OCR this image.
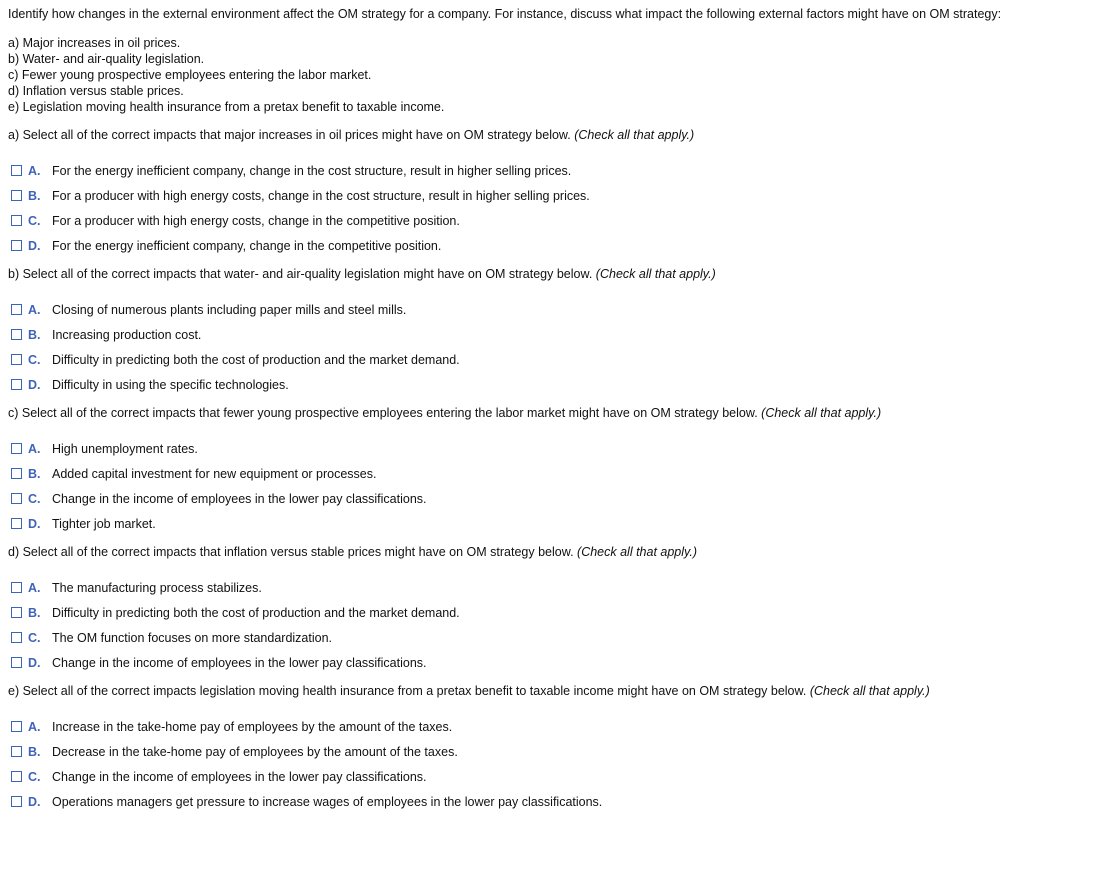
Identify how changes in the external environment affect the OM strategy for a company. For instance, discuss what impact the following external factors might have on OM strategy:

a) Major increases in oil prices.
b) Water- and air-quality legislation.
c) Fewer young prospective employees entering the labor market.
d) Inflation versus stable prices.
e) Legislation moving health insurance from a pretax benefit to taxable income.
a) Select all of the correct impacts that major increases in oil prices might have on OM strategy below. (Check all that apply.)
A. For the energy inefficient company, change in the cost structure, result in higher selling prices.
B. For a producer with high energy costs, change in the cost structure, result in higher selling prices.
C. For a producer with high energy costs, change in the competitive position.
D. For the energy inefficient company, change in the competitive position.
b) Select all of the correct impacts that water- and air-quality legislation might have on OM strategy below. (Check all that apply.)
A. Closing of numerous plants including paper mills and steel mills.
B. Increasing production cost.
C. Difficulty in predicting both the cost of production and the market demand.
D. Difficulty in using the specific technologies.
c) Select all of the correct impacts that fewer young prospective employees entering the labor market might have on OM strategy below. (Check all that apply.)
A. High unemployment rates.
B. Added capital investment for new equipment or processes.
C. Change in the income of employees in the lower pay classifications.
D. Tighter job market.
d) Select all of the correct impacts that inflation versus stable prices might have on OM strategy below. (Check all that apply.)
A. The manufacturing process stabilizes.
B. Difficulty in predicting both the cost of production and the market demand.
C. The OM function focuses on more standardization.
D. Change in the income of employees in the lower pay classifications.
e) Select all of the correct impacts legislation moving health insurance from a pretax benefit to taxable income might have on OM strategy below. (Check all that apply.)
A. Increase in the take-home pay of employees by the amount of the taxes.
B. Decrease in the take-home pay of employees by the amount of the taxes.
C. Change in the income of employees in the lower pay classifications.
D. Operations managers get pressure to increase wages of employees in the lower pay classifications.
